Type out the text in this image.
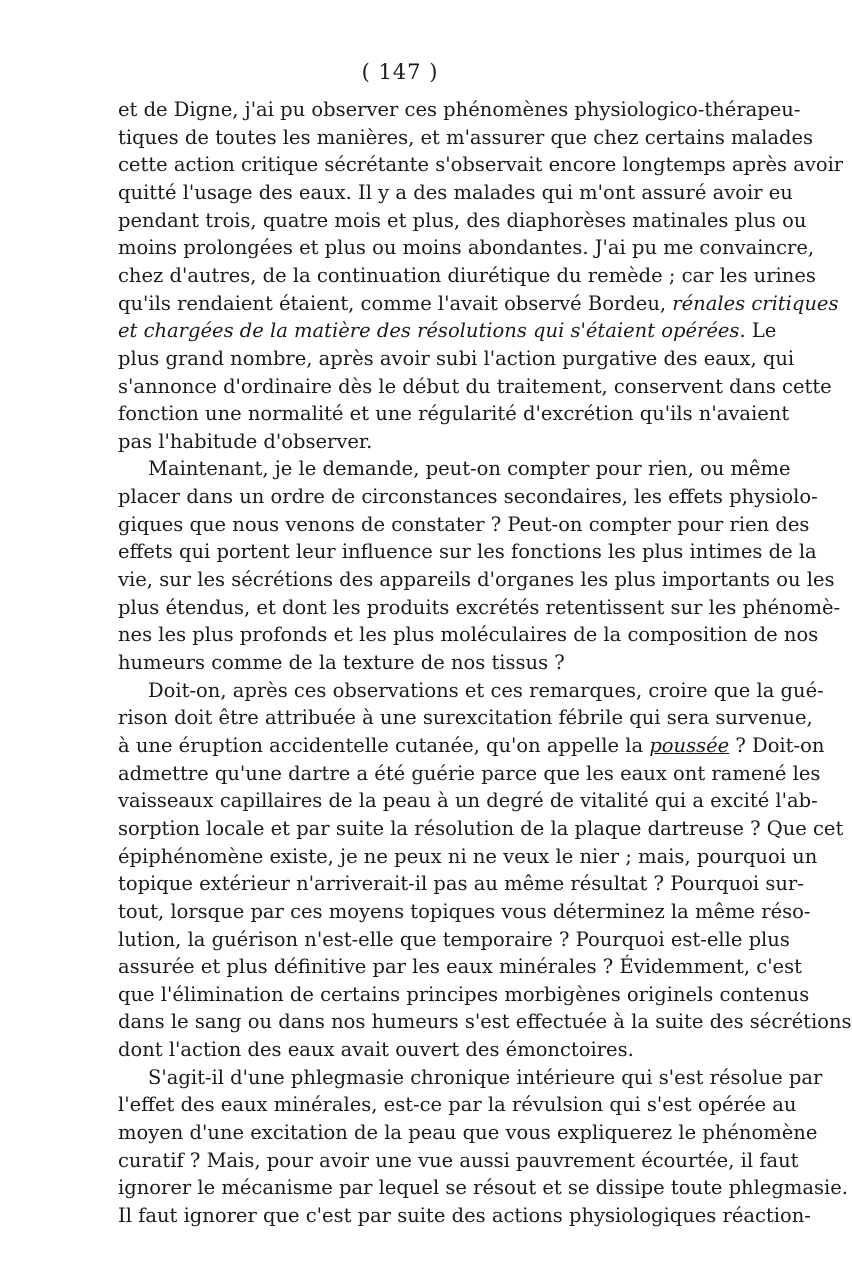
( 147 )
et de Digne, j'ai pu observer ces phénomènes physiologico-thérapeu-
tiques de toutes les manières, et m'assurer que chez certains malades
cette action critique sécrétante s'observait encore longtemps après avoir
quitté l'usage des eaux. Il y a des malades qui m'ont assuré avoir eu
pendant trois, quatre mois et plus, des diaphorèses matinales plus ou
moins prolongées et plus ou moins abondantes. J'ai pu me convaincre,
chez d'autres, de la continuation diurétique du remède ; car les urines
qu'ils rendaient étaient, comme l'avait observé Bordeu, rénales critiques
et chargées de la matière des résolutions qui s'étaient opérées. Le
plus grand nombre, après avoir subi l'action purgative des eaux, qui
s'annonce d'ordinaire dès le début du traitement, conservent dans cette
fonction une normalité et une régularité d'excrétion qu'ils n'avaient
pas l'habitude d'observer.
Maintenant, je le demande, peut-on compter pour rien, ou même
placer dans un ordre de circonstances secondaires, les effets physiolo-
giques que nous venons de constater ? Peut-on compter pour rien des
effets qui portent leur influence sur les fonctions les plus intimes de la
vie, sur les sécrétions des appareils d'organes les plus importants ou les
plus étendus, et dont les produits excrétés retentissent sur les phénomè-
nes les plus profonds et les plus moléculaires de la composition de nos
humeurs comme de la texture de nos tissus ?
Doit-on, après ces observations et ces remarques, croire que la gué-
rison doit être attribuée à une surexcitation fébrile qui sera survenue,
à une éruption accidentelle cutanée, qu'on appelle la poussée ? Doit-on
admettre qu'une dartre a été guérie parce que les eaux ont ramené les
vaisseaux capillaires de la peau à un degré de vitalité qui a excité l'ab-
sorption locale et par suite la résolution de la plaque dartreuse ? Que cet
épiphénomène existe, je ne peux ni ne veux le nier ; mais, pourquoi un
topique extérieur n'arriverait-il pas au même résultat ? Pourquoi sur-
tout, lorsque par ces moyens topiques vous déterminez la même réso-
lution, la guérison n'est-elle que temporaire ? Pourquoi est-elle plus
assurée et plus définitive par les eaux minérales ? Évidemment, c'est
que l'élimination de certains principes morbigènes originels contenus
dans le sang ou dans nos humeurs s'est effectuée à la suite des sécrétions
dont l'action des eaux avait ouvert des émonctoires.
S'agit-il d'une phlegmasie chronique intérieure qui s'est résolue par
l'effet des eaux minérales, est-ce par la révulsion qui s'est opérée au
moyen d'une excitation de la peau que vous expliquerez le phénomène
curatif ? Mais, pour avoir une vue aussi pauvrement écourtée, il faut
ignorer le mécanisme par lequel se résout et se dissipe toute phlegmasie.
Il faut ignorer que c'est par suite des actions physiologiques réaction-
